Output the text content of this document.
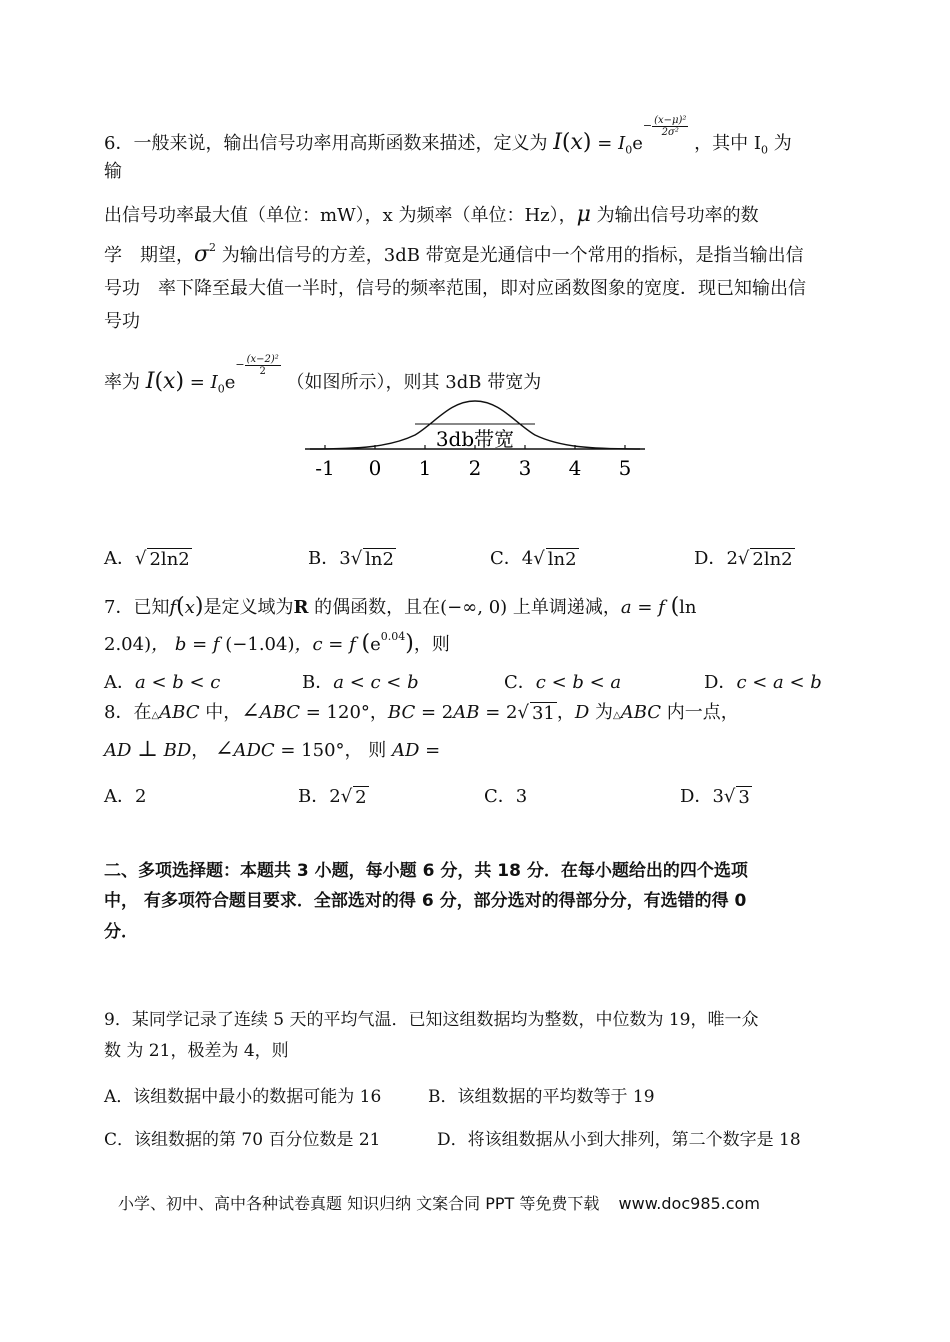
6．一般来说，输出信号功率用高斯函数来描述，定义为 $I(x) = I_0e^{- \frac{\text{(x−μ)²}}{\text{2σ²}}}$
，其中 $I_0$ 为
输
出信号功率最大值（单位：mW），x 为频率（单位：Hz），μ 为输出信号功率的数
学　期望，$\sigma^2$ 为输出信号的方差，3dB 带宽是光通信中一个常用的指标，是指当输出信
号功　率下降至最大值一半时，信号的频率范围，即对应函数图象的宽度．现已知输出信
号功
率为 $I(x) = I_0e^{- \frac{\text{(x−2)²}}{2}}$
（如图所示），则其 3dB 带宽为
3db带宽
-1 0 1 2 3 4 5
A．√ 2ln2	B．3√ ln2	C．4√ ln2	D．2√ 2ln2
7．已知f(x)是定义域为R 的偶函数，且在(−∞, 0) 上单调递减，a = f (ln
2.04)， b = f (−1.04)，c = f $(e^{0.04})$，则
A．a < b < c	B．a < c < b	C．c < b < a	D．c < a < b
8．在△ABC 中，∠ABC = 120°，BC = 2AB = 2√ 31 ，D 为△ABC 内一点，
AD ⊥ BD， ∠ADC = 150°， 则 AD =
A．2	B．2√ 2	C．3	D．3√ 3
二、多项选择题：本题共 3 小题，每小题 6 分，共 18 分．在每小题给出的四个选项
中， 有多项符合题目要求．全部选对的得 6 分，部分选对的得部分分，有选错的得 0
分．
9．某同学记录了连续 5 天的平均气温．已知这组数据均为整数，中位数为 19，唯一众
数 为 21，极差为 4，则
A．该组数据中最小的数据可能为 16	B．该组数据的平均数等于 19
C．该组数据的第 70 百分位数是 21	D．将该组数据从小到大排列，第二个数字是 18
小学、初中、高中各种试卷真题 知识归纳 文案合同 PPT 等免费下载 www.doc985.com
